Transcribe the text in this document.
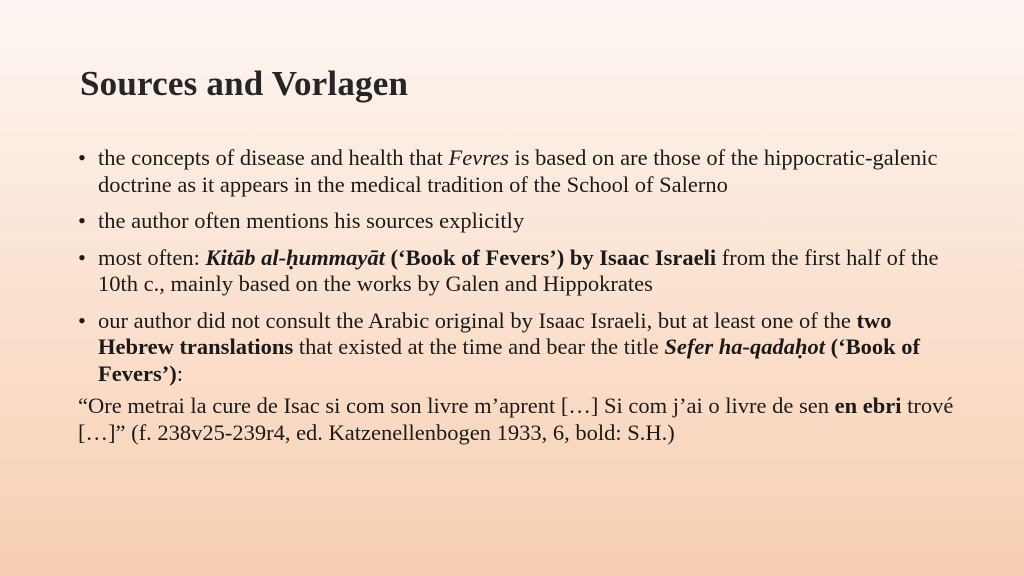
Sources and Vorlagen
• the concepts of disease and health that Fevres is based on are those of the hippocratic-galenic doctrine as it appears in the medical tradition of the School of Salerno
• the author often mentions his sources explicitly
• most often: Kitāb al-ḥummayāt (‘Book of Fevers’) by Isaac Israeli from the first half of the 10th c., mainly based on the works by Galen and Hippokrates
• our author did not consult the Arabic original by Isaac Israeli, but at least one of the two Hebrew translations that existed at the time and bear the title Sefer ha-qadaḥot (‘Book of Fevers’):

“Ore metrai la cure de Isac si com son livre m’aprent […] Si com j’ai o livre de sen en ebri trové […]” (f. 238v25-239r4, ed. Katzenellenbogen 1933, 6, bold: S.H.)
